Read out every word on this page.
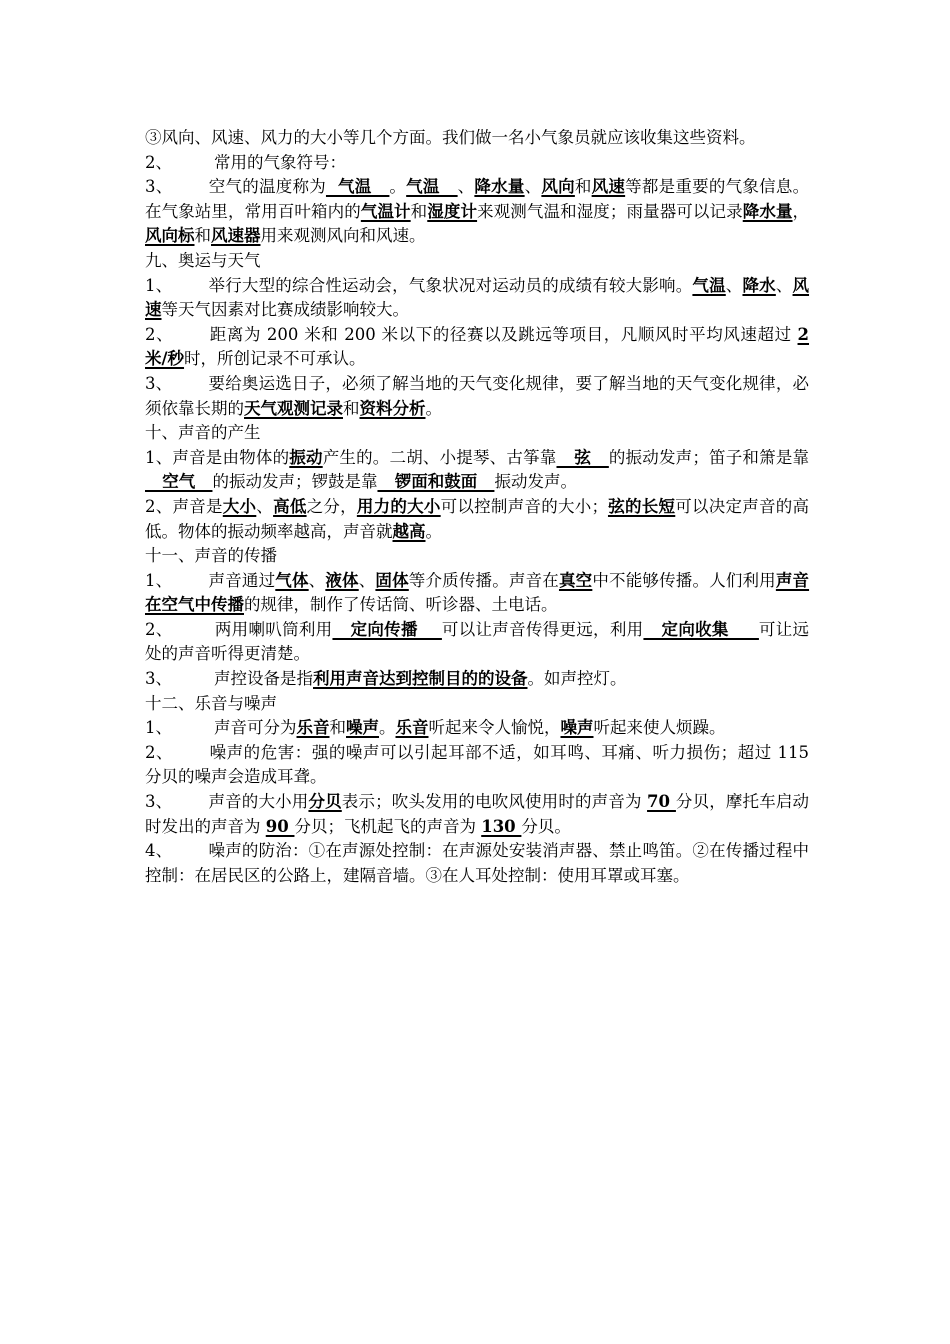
③风向、风速、风力的大小等几个方面。我们做一名小气象员就应该收集这些资料。
2、	常用的气象符号：
3、 空气的温度称为  气温   。气温   、降水量、风向和风速等都是重要的气象信息。在气象站里，常用百叶箱内的气温计和湿度计来观测气温和湿度；雨量器可以记录降水量，风向标和风速器用来观测风向和风速。
九、奥运与天气
1、 举行大型的综合性运动会，气象状况对运动员的成绩有较大影响。气温、降水、风速等天气因素对比赛成绩影响较大。
2、 距离为 200 米和 200 米以下的径赛以及跳远等项目，凡顺风时平均风速超过 2 米/秒时，所创记录不可承认。
3、 要给奥运选日子，必须了解当地的天气变化规律，要了解当地的天气变化规律，必须依靠长期的天气观测记录和资料分析。
十、声音的产生
1、声音是由物体的振动产生的。二胡、小提琴、古筝靠   弦   的振动发声；笛子和箫是靠   空气   的振动发声；锣鼓是靠   锣面和鼓面   振动发声。
2、声音是大小、高低之分，用力的大小可以控制声音的大小；弦的长短可以决定声音的高低。物体的振动频率越高，声音就越高。
十一、声音的传播
1、 声音通过气体、液体、固体等介质传播。声音在真空中不能够传播。人们利用声音在空气中传播的规律，制作了传话筒、听诊器、土电话。
2、	两用喇叭筒利用   定向传播    可以让声音传得更远，利用   定向收集     可让远处的声音听得更清楚。
3、	声控设备是指利用声音达到控制目的的设备。如声控灯。
十二、乐音与噪声
1、	声音可分为乐音和噪声。乐音听起来令人愉悦，噪声听起来使人烦躁。
2、 噪声的危害：强的噪声可以引起耳部不适，如耳鸣、耳痛、听力损伤；超过 115 分贝的噪声会造成耳聋。
3、 声音的大小用分贝表示；吹头发用的电吹风使用时的声音为 70 分贝，摩托车启动时发出的声音为 90 分贝；飞机起飞的声音为 130 分贝。
4、 噪声的防治：①在声源处控制：在声源处安装消声器、禁止鸣笛。②在传播过程中控制：在居民区的公路上，建隔音墙。③在人耳处控制：使用耳罩或耳塞。
